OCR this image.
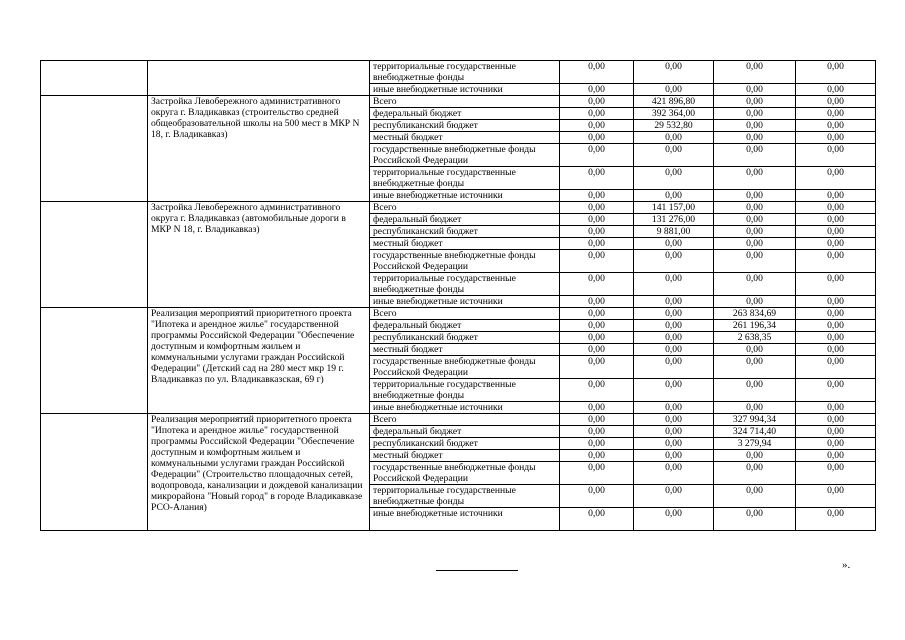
		территориальные государственные внебюджетные фонды	0,00	0,00	0,00	0,00
		иные внебюджетные источники	0,00	0,00	0,00	0,00
	Застройка Левобережного административного округа г. Владикавказ (строительство средней общеобразовательной школы на 500 мест в МКР N 18, г. Владикавказ)	Всего	0,00	421 896,80	0,00	0,00
		федеральный бюджет	0,00	392 364,00	0,00	0,00
		республиканский бюджет	0,00	29 532,80	0,00	0,00
		местный бюджет	0,00	0,00	0,00	0,00
		государственные внебюджетные фонды Российской Федерации	0,00	0,00	0,00	0,00
		территориальные государственные внебюджетные фонды	0,00	0,00	0,00	0,00
		иные внебюджетные источники	0,00	0,00	0,00	0,00
	Застройка Левобережного административного округа г. Владикавказ (автомобильные дороги в МКР N 18, г. Владикавказ)	Всего	0,00	141 157,00	0,00	0,00
		федеральный бюджет	0,00	131 276,00	0,00	0,00
		республиканский бюджет	0,00	9 881,00	0,00	0,00
		местный бюджет	0,00	0,00	0,00	0,00
		государственные внебюджетные фонды Российской Федерации	0,00	0,00	0,00	0,00
		территориальные государственные внебюджетные фонды	0,00	0,00	0,00	0,00
		иные внебюджетные источники	0,00	0,00	0,00	0,00
	Реализация мероприятий приоритетного проекта "Ипотека и арендное жилье" государственной программы Российской Федерации "Обеспечение доступным и комфортным жильем и коммунальными услугами граждан Российской Федерации" (Детский сад на 280 мест мкр 19 г. Владикавказ по ул. Владикавказская, 69 г)	Всего	0,00	0,00	263 834,69	0,00
		федеральный бюджет	0,00	0,00	261 196,34	0,00
		республиканский бюджет	0,00	0,00	2 638,35	0,00
		местный бюджет	0,00	0,00	0,00	0,00
		государственные внебюджетные фонды Российской Федерации	0,00	0,00	0,00	0,00
		территориальные государственные внебюджетные фонды	0,00	0,00	0,00	0,00
		иные внебюджетные источники	0,00	0,00	0,00	0,00
	Реализация мероприятий приоритетного проекта "Ипотека и арендное жилье" государственной программы Российской Федерации "Обеспечение доступным и комфортным жильем и коммунальными услугами граждан Российской Федерации" (Строительство площадочных сетей, водопровода, канализации и дождевой канализации микрорайона "Новый город" в городе Владикавказе РСО-Алания)	Всего	0,00	0,00	327 994,34	0,00
		федеральный бюджет	0,00	0,00	324 714,40	0,00
		республиканский бюджет	0,00	0,00	3 279,94	0,00
		местный бюджет	0,00	0,00	0,00	0,00
		государственные внебюджетные фонды Российской Федерации	0,00	0,00	0,00	0,00
		территориальные государственные внебюджетные фонды	0,00	0,00	0,00	0,00
		иные внебюджетные источники	0,00	0,00	0,00	0,00
».
